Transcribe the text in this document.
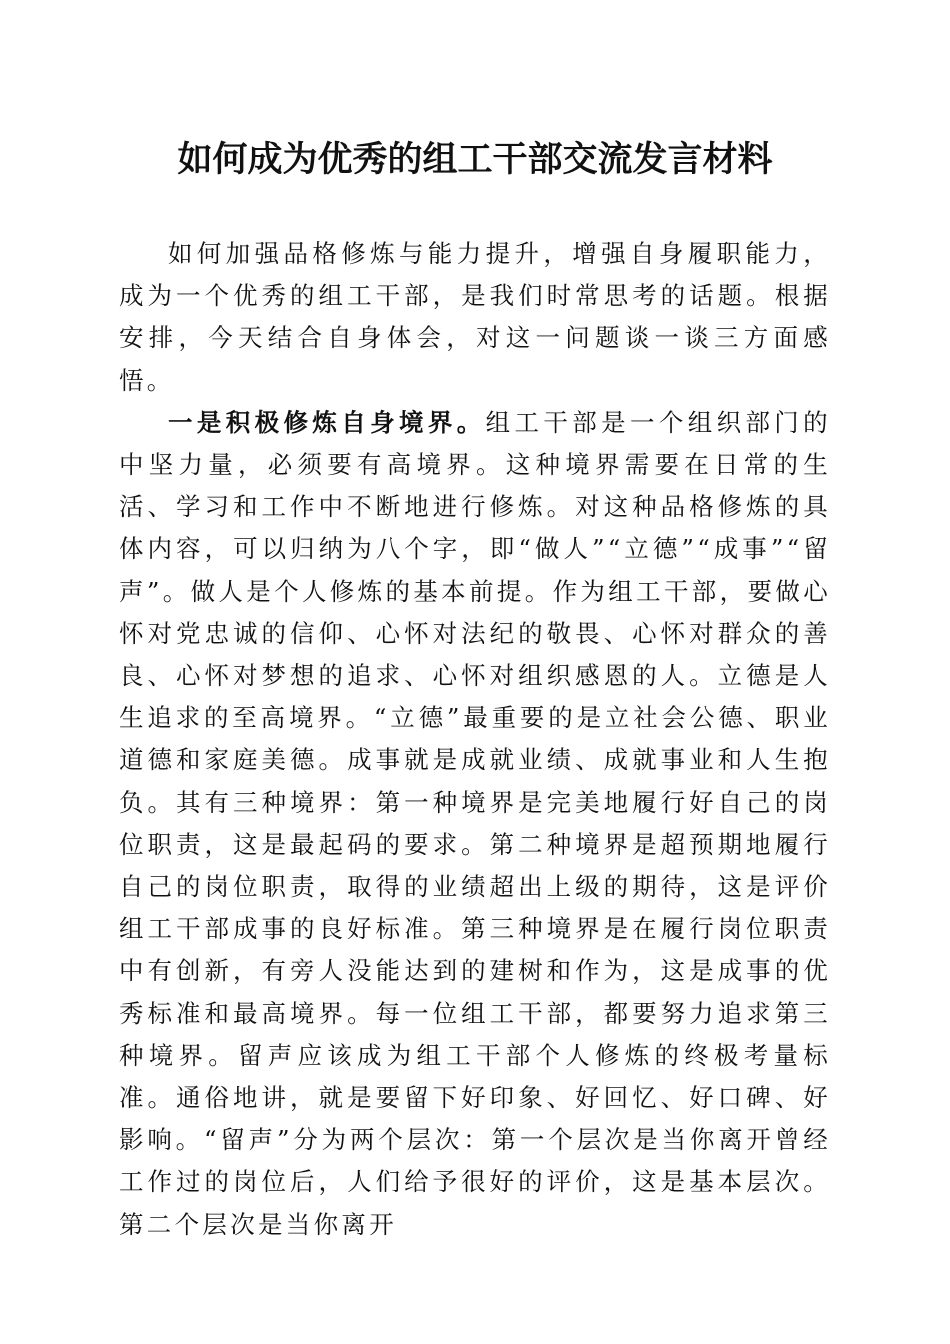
如何成为优秀的组工干部交流发言材料

如何加强品格修炼与能力提升，增强自身履职能力，成为一个优秀的组工干部，是我们时常思考的话题。根据安排，今天结合自身体会，对这一问题谈一谈三方面感悟。

一是积极修炼自身境界。组工干部是一个组织部门的中坚力量，必须要有高境界。这种境界需要在日常的生活、学习和工作中不断地进行修炼。对这种品格修炼的具体内容，可以归纳为八个字，即“做人”“立德”“成事”“留声”。做人是个人修炼的基本前提。作为组工干部，要做心怀对党忠诚的信仰、心怀对法纪的敬畏、心怀对群众的善良、心怀对梦想的追求、心怀对组织感恩的人。立德是人生追求的至高境界。“立德”最重要的是立社会公德、职业道德和家庭美德。成事就是成就业绩、成就事业和人生抱负。其有三种境界：第一种境界是完美地履行好自己的岗位职责，这是最起码的要求。第二种境界是超预期地履行自己的岗位职责，取得的业绩超出上级的期待，这是评价组工干部成事的良好标准。第三种境界是在履行岗位职责中有创新，有旁人没能达到的建树和作为，这是成事的优秀标准和最高境界。每一位组工干部，都要努力追求第三种境界。留声应该成为组工干部个人修炼的终极考量标准。通俗地讲，就是要留下好印象、好回忆、好口碑、好影响。“留声”分为两个层次：第一个层次是当你离开曾经工作过的岗位后，人们给予很好的评价，这是基本层次。第二个层次是当你离开
